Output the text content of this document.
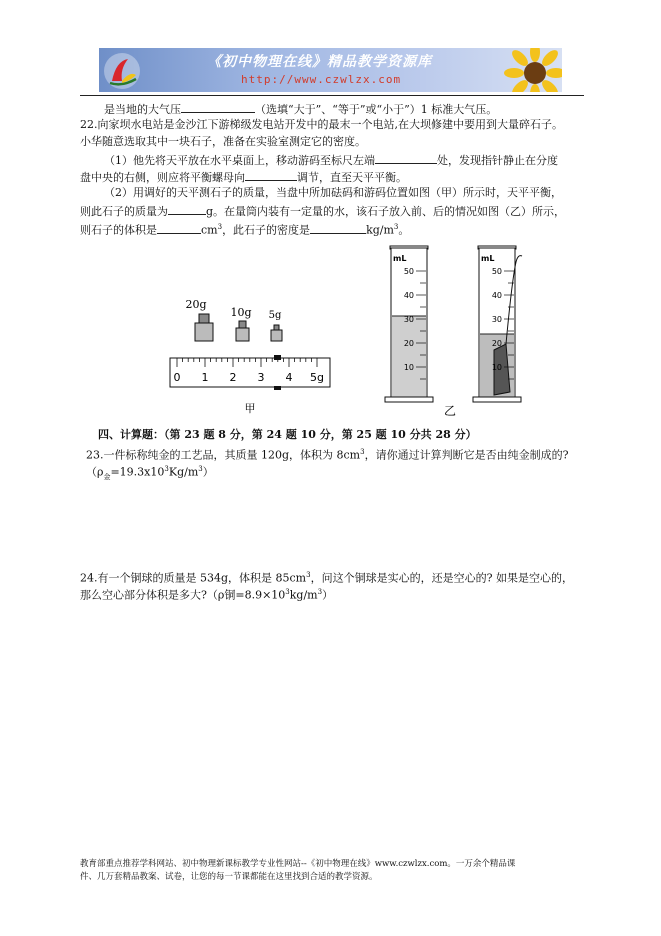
《初中物理在线》精品教学资源库
http://www.czwlzx.com
是当地的大气压	（选填“大于”、“等于”或“小于”）1 标准大气压。
22.向家坝水电站是金沙江下游梯级发电站开发中的最末一个电站,在大坝修建中要用到大量碎石子。
小华随意选取其中一块石子，准备在实验室测定它的密度。
（1）他先将天平放在水平桌面上，移动游码至标尺左端	处，发现指针静止在分度
盘中央的右侧，则应将平衡螺母向	调节，直至天平平衡。
（2）用调好的天平测石子的质量，当盘中所加砝码和游码位置如图（甲）所示时，天平平衡，
则此石子的质量为	g。在量筒内装有一定量的水，该石子放入前、后的情况如图（乙）所示，
则石子的体积是	$cm^3$，此石子的密度是	$kg/m^3$。
20g
10g 5g
0 1 2 3 4 5g
甲
mL	mL
50
40
30
20
10
50
40
30
20
10
乙
四、计算题：（第 23 题 8 分，第 24 题 10 分，第 25 题 10 分共 28 分）
23.一件标称纯金的工艺品，其质量 120g，体积为 $8cm^3$，请你通过计算判断它是否由纯金制成的?
$(\rho_金=19.3x10^3Kg/m^3)$
24.有一个铜球的质量是 534g，体积是 $85cm^3$，问这个铜球是实心的，还是空心的? 如果是空心的，
那么空心部分体积是多大?（ρ铜$=8.9\times 10^3kg/m^3$）
教育部重点推荐学科网站、初中物理新课标教学专业性网站--《初中物理在线》www.czwlzx.com。一万余个精品课
件、几万套精品教案、试卷，让您的每一节课都能在这里找到合适的教学资源。
